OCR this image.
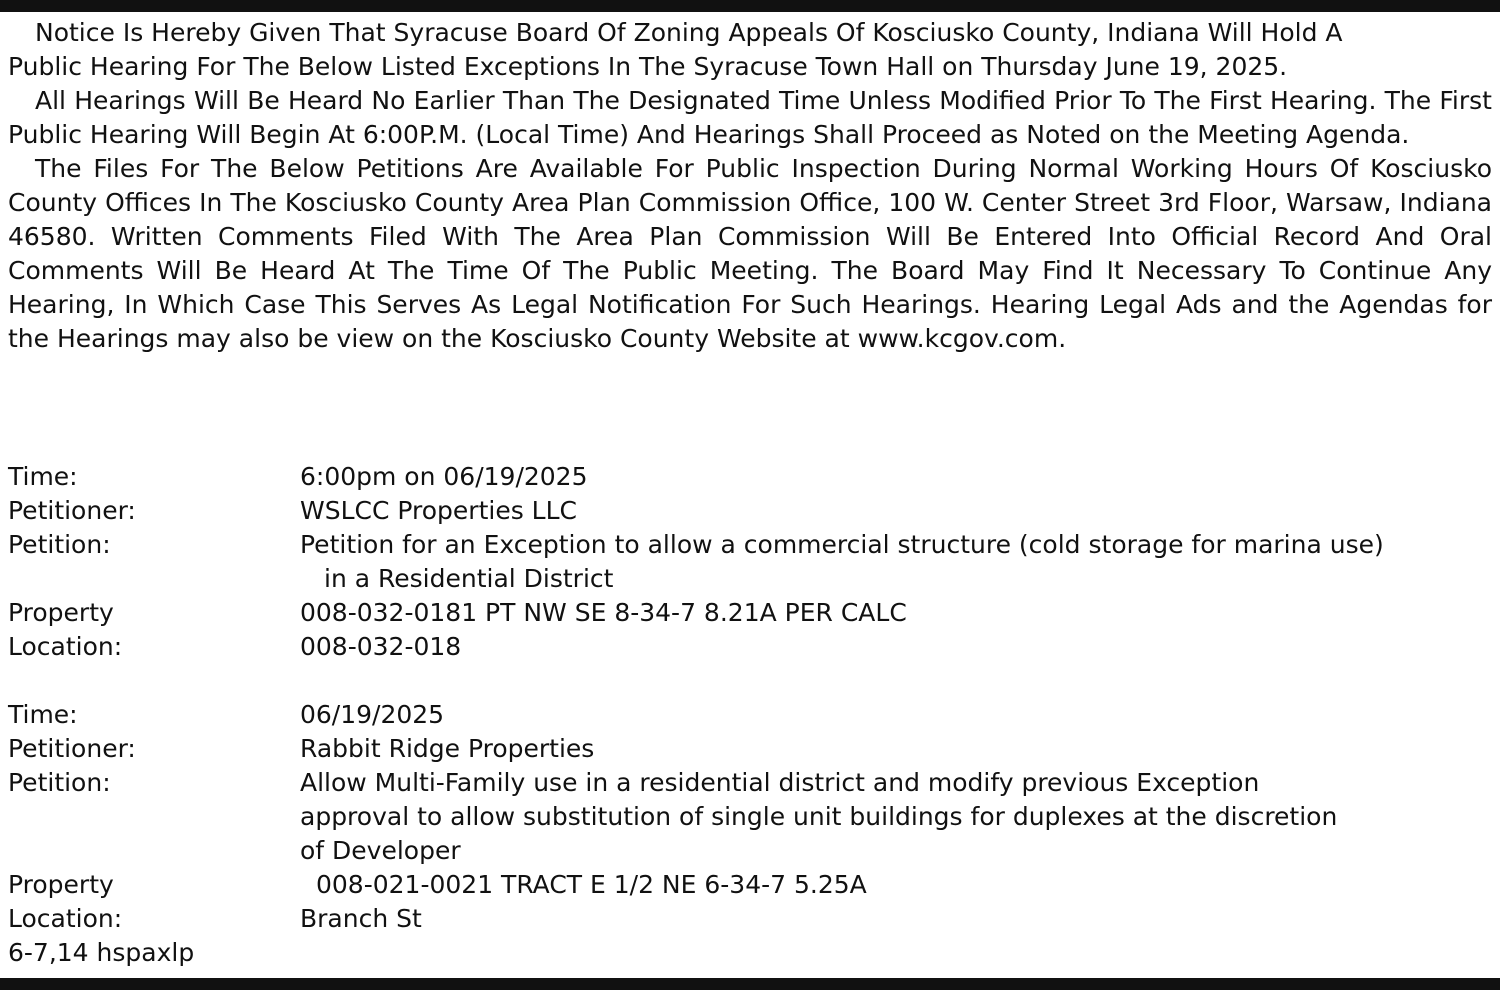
Notice Is Hereby Given That Syracuse Board Of Zoning Appeals Of Kosciusko County, Indiana Will Hold A

Public Hearing For The Below Listed Exceptions In The Syracuse Town Hall on Thursday June 19, 2025.

All Hearings Will Be Heard No Earlier Than The Designated Time Unless Modified Prior To The First Hearing. The First Public Hearing Will Begin At 6:00P.M. (Local Time) And Hearings Shall Proceed as Noted on the Meeting Agenda.

The Files For The Below Petitions Are Available For Public Inspection During Normal Working Hours Of Kosciusko County Offices In The Kosciusko County Area Plan Commission Office, 100 W. Center Street 3rd Floor, Warsaw, Indiana 46580. Written Comments Filed With The Area Plan Commission Will Be Entered Into Official Record And Oral Comments Will Be Heard At The Time Of The Public Meeting. The Board May Find It Necessary To Continue Any Hearing, In Which Case This Serves As Legal Notification For Such Hearings. Hearing Legal Ads and the Agendas for the Hearings may also be view on the Kosciusko County Website at www.kcgov.com.

Time:	6:00pm on 06/19/2025
Petitioner:	WSLCC Properties LLC
Petition:	Petition for an Exception to allow a commercial structure (cold storage for marina use)
in a Residential District
Property	008-032-0181 PT NW SE 8-34-7 8.21A PER CALC
Location:	008-032-018
Time:	06/19/2025
Petitioner:	Rabbit Ridge Properties
Petition:	Allow Multi-Family use in a residential district and modify previous Exception
approval to allow substitution of single unit buildings for duplexes at the discretion
of Developer
Property	008-021-0021 TRACT E 1/2 NE 6-34-7 5.25A
Location:	Branch St
6-7,14 hspaxlp
